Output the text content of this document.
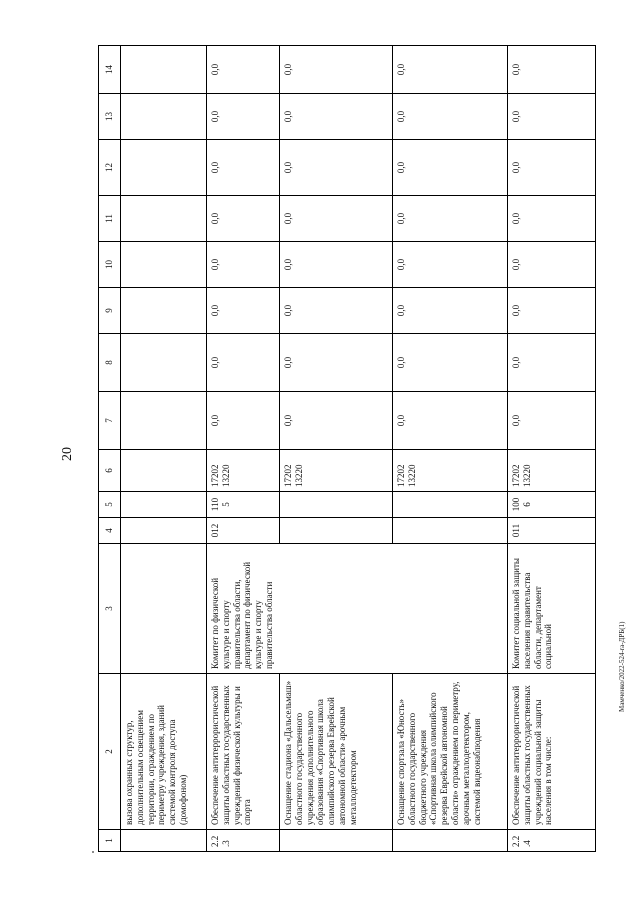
20
Мамченко/2022-524-ra-ДРБ(1)
1	2	3	4	5	6	7	8	9	10	11	12	13	14
	вызова охранных структур, дополнительным освещением территории, ограждением по периметру учреждения, зданий системой контроля доступа (домофоном)				

2.2.3	Обеспечение антитеррористической защиты областных государственных учреждений физической культуры и спорта	Комитет по физической культуре и спорту правительства области, департамент по физической культуре и спорту правительства области	012	1105	17202 13220	0,0	0,0	0,0	0,0	0,0	0,0	0,0	0,0
	Оснащение стадиона «Дальсельмаш» областного государственного учреждения дополнительного образования «Спортивная школа олимпийского резерва Еврейской автономной области» арочным металлодетектором				17202 13220	0,0	0,0	0,0	0,0	0,0	0,0	0,0	0,0
	Оснащение спортзала «Юность» областного государственного бюджетного учреждения «Спортивная школа олимпийского резерва Еврейской автономной области» ограждением по периметру, арочным металлодетектором, системой видеонаблюдения				17202 13220	0,0	0,0	0,0	0,0	0,0	0,0	0,0	0,0
2.2.4	Обеспечение антитеррористической защиты областных государственных учреждений социальной защиты населения в том числе:	Комитет социальной защиты населения правительства области, департамент социальной	011	1006	17202 13220	0,0	0,0	0,0	0,0	0,0	0,0	0,0	0,0
